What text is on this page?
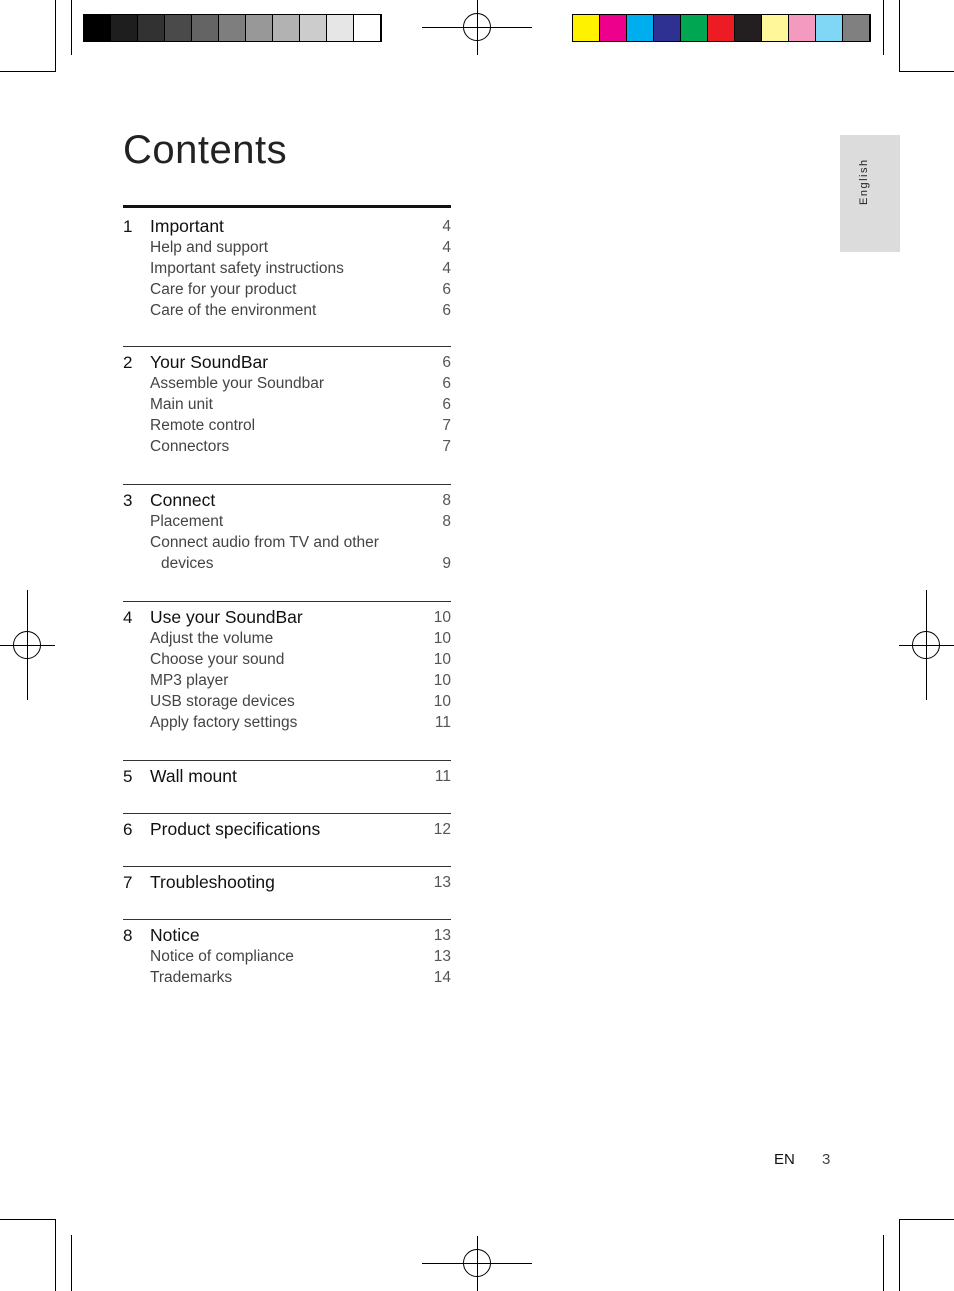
Contents
English
1 Important	4
Help and support	4
Important safety instructions	4
Care for your product	6
Care of the environment	6
2 Your SoundBar	6
Assemble your Soundbar	6
Main unit	6
Remote control	7
Connectors	7
3 Connect	8
Placement	8
Connect audio from TV and other
devices	9
4 Use your SoundBar	10
Adjust the volume	10
Choose your sound	10
MP3 player	10
USB storage devices	10
Apply factory settings	11
5 Wall mount	11
6 Product specifications	12
7 Troubleshooting	13
8 Notice	13
Notice of compliance	13
Trademarks	14
EN 3
